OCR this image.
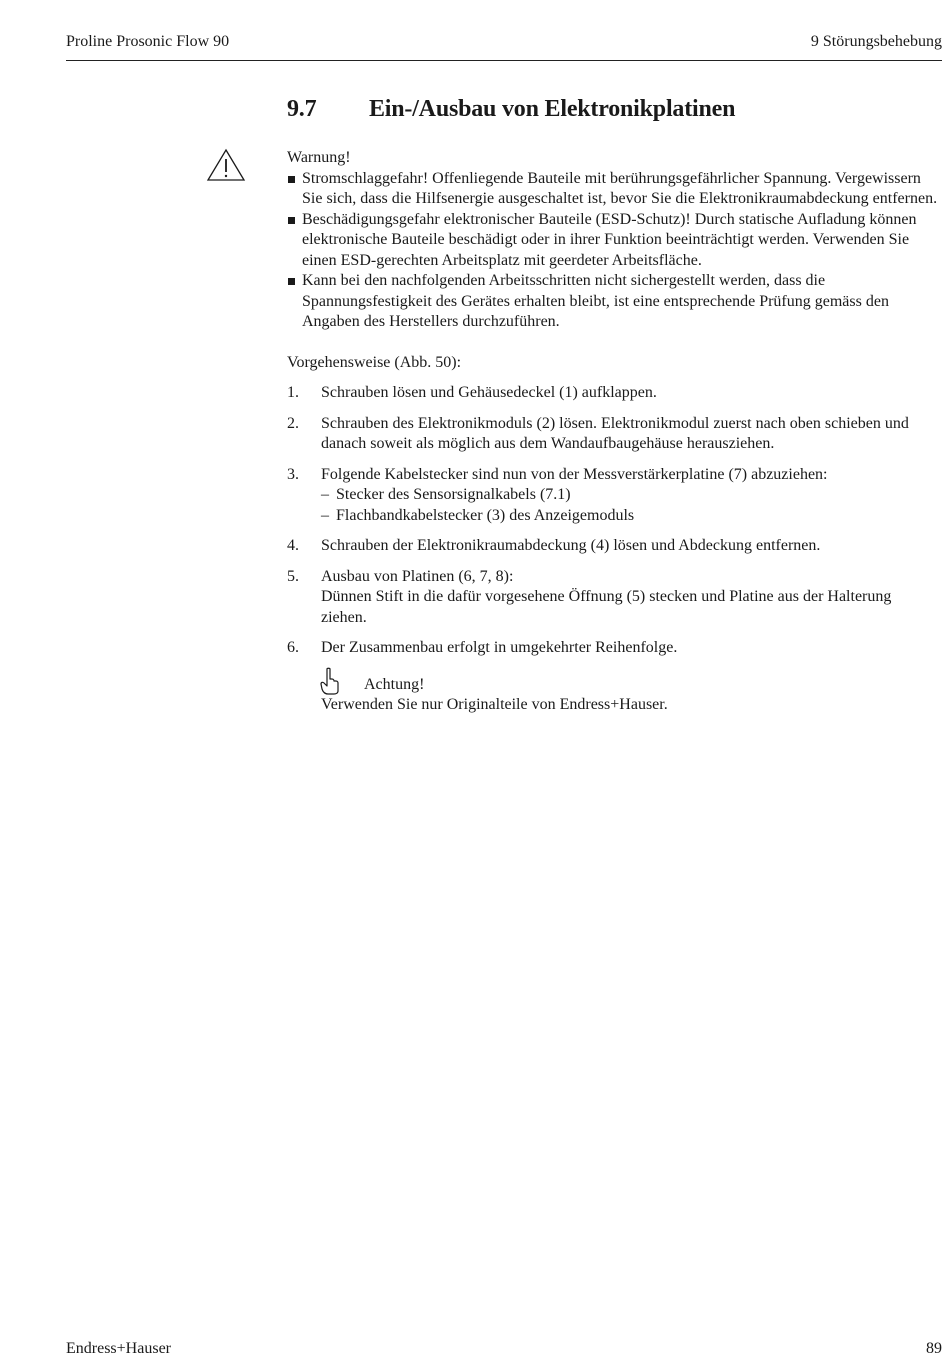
Proline Prosonic Flow 90	9 Störungsbehebung
9.7 Ein-/Ausbau von Elektronikplatinen

Warnung!

Stromschlaggefahr! Offenliegende Bauteile mit berührungsgefährlicher Spannung. Vergewissern Sie sich, dass die Hilfsenergie ausgeschaltet ist, bevor Sie die Elektronikraumabdeckung entfernen.
Beschädigungsgefahr elektronischer Bauteile (ESD-Schutz)! Durch statische Aufladung können elektronische Bauteile beschädigt oder in ihrer Funktion beeinträchtigt werden. Verwenden Sie einen ESD-gerechten Arbeitsplatz mit geerdeter Arbeitsfläche.
Kann bei den nachfolgenden Arbeitsschritten nicht sichergestellt werden, dass die Spannungsfestigkeit des Gerätes erhalten bleibt, ist eine entsprechende Prüfung gemäss den Angaben des Herstellers durchzuführen.

Vorgehensweise (Abb. 50):

1. Schrauben lösen und Gehäusedeckel (1) aufklappen.
2. Schrauben des Elektronikmoduls (2) lösen. Elektronikmodul zuerst nach oben schieben und danach soweit als möglich aus dem Wandaufbaugehäuse herausziehen.
3. Folgende Kabelstecker sind nun von der Messverstärkerplatine (7) abzuziehen:
– Stecker des Sensorsignalkabels (7.1)
– Flachbandkabelstecker (3) des Anzeigemoduls
4. Schrauben der Elektronikraumabdeckung (4) lösen und Abdeckung entfernen.
5. Ausbau von Platinen (6, 7, 8):
Dünnen Stift in die dafür vorgesehene Öffnung (5) stecken und Platine aus der Halterung ziehen.
6. Der Zusammenbau erfolgt in umgekehrter Reihenfolge.
Achtung!
Verwenden Sie nur Originalteile von Endress+Hauser.
Endress+Hauser	89
